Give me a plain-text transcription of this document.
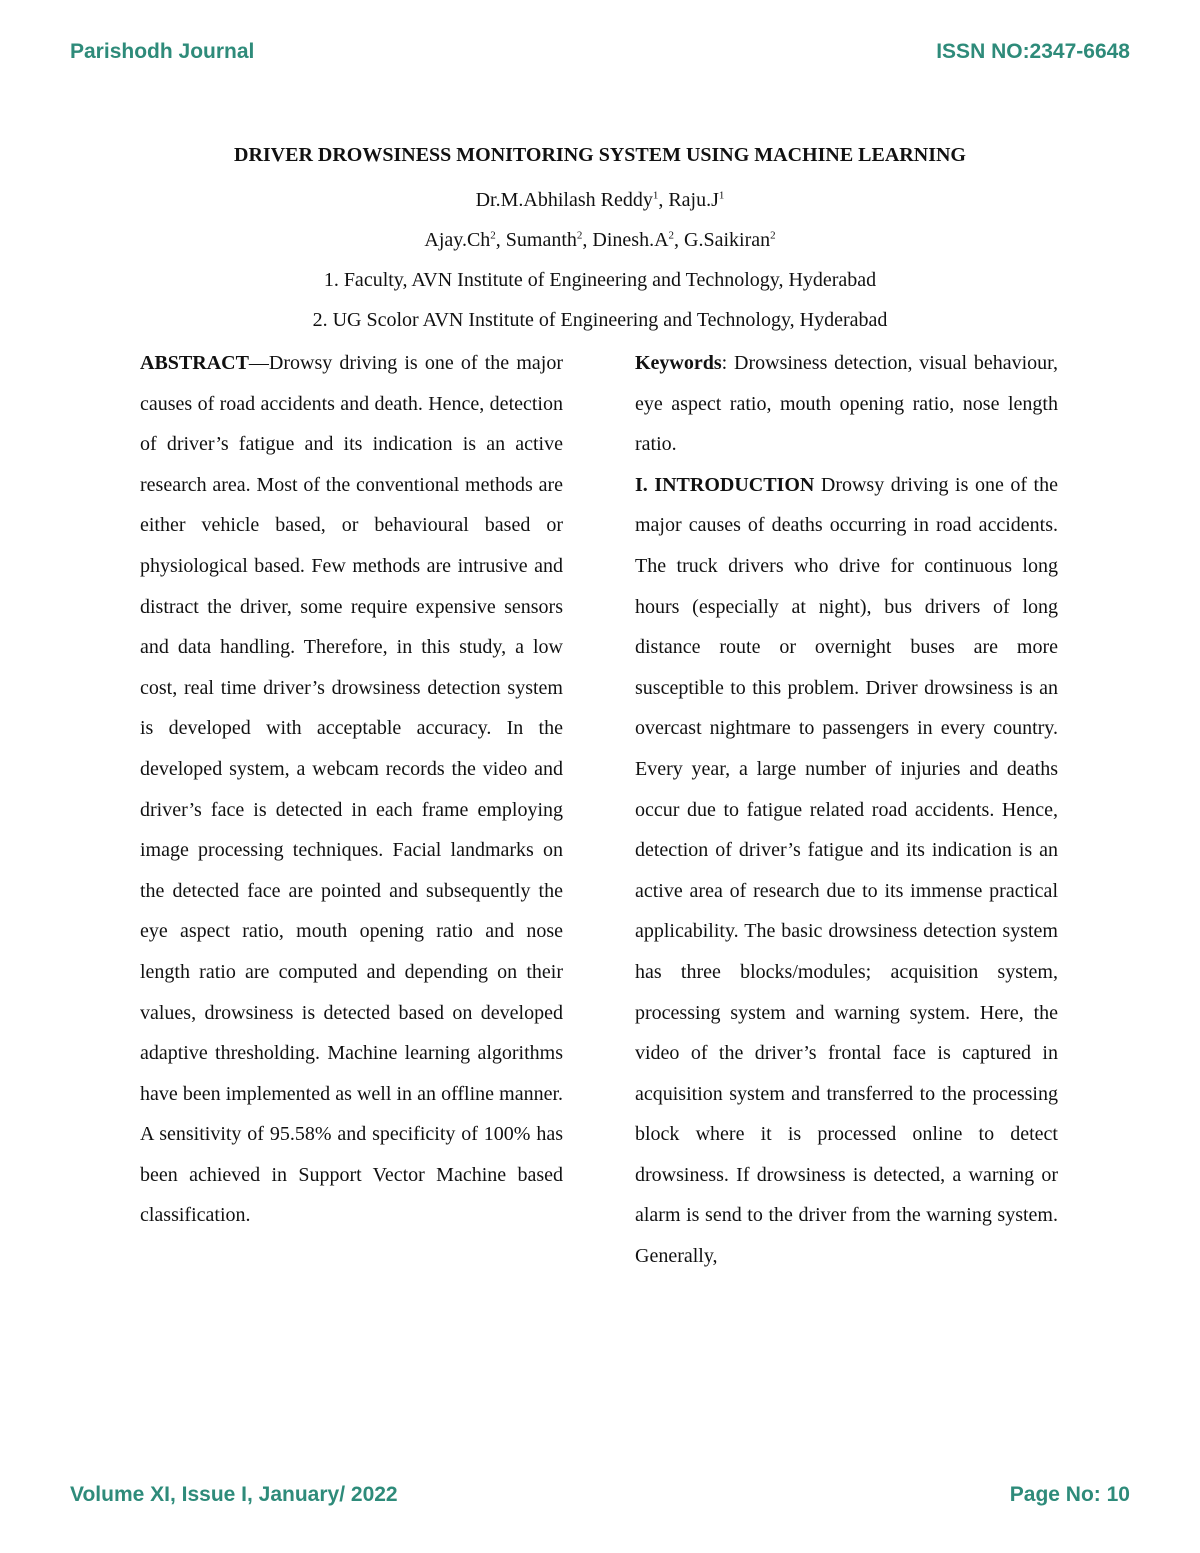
Parishodh Journal	ISSN NO:2347-6648
DRIVER DROWSINESS MONITORING SYSTEM USING MACHINE LEARNING
Dr.M.Abhilash Reddy$^1$, $Raju.J^1$
Ajay.Ch$^2$, Sumanth$^2$, $Dinesh.A^2$, G.Saikiran$^2$
1. Faculty, AVN Institute of Engineering and Technology, Hyderabad
2. UG Scolor AVN Institute of Engineering and Technology, Hyderabad

ABSTRACT—Drowsy driving is one of the major causes of road accidents and death. Hence, detection of driver’s fatigue and its indication is an active research area. Most of the conventional methods are either vehicle based, or behavioural based or physiological based. Few methods are intrusive and distract the driver, some require expensive sensors and data handling. Therefore, in this study, a low cost, real time driver’s drowsiness detection system is developed with acceptable accuracy. In the developed system, a webcam records the video and driver’s face is detected in each frame employing image processing techniques. Facial landmarks on the detected face are pointed and subsequently the eye aspect ratio, mouth opening ratio and nose length ratio are computed and depending on their values, drowsiness is detected based on developed adaptive thresholding. Machine learning algorithms have been implemented as well in an offline manner. A sensitivity of 95.58% and specificity of 100% has been achieved in Support Vector Machine based classification.

Keywords: Drowsiness detection, visual behaviour, eye aspect ratio, mouth opening ratio, nose length ratio.

I. INTRODUCTION Drowsy driving is one of the major causes of deaths occurring in road accidents. The truck drivers who drive for continuous long hours (especially at night), bus drivers of long distance route or overnight buses are more susceptible to this problem. Driver drowsiness is an overcast nightmare to passengers in every country. Every year, a large number of injuries and deaths occur due to fatigue related road accidents. Hence, detection of driver’s fatigue and its indication is an active area of research due to its immense practical applicability. The basic drowsiness detection system has three blocks/modules; acquisition system, processing system and warning system. Here, the video of the driver’s frontal face is captured in acquisition system and transferred to the processing block where it is processed online to detect drowsiness. If drowsiness is detected, a warning or alarm is send to the driver from the warning system. Generally,

Volume XI, Issue I, January/ 2022	Page No: 10
